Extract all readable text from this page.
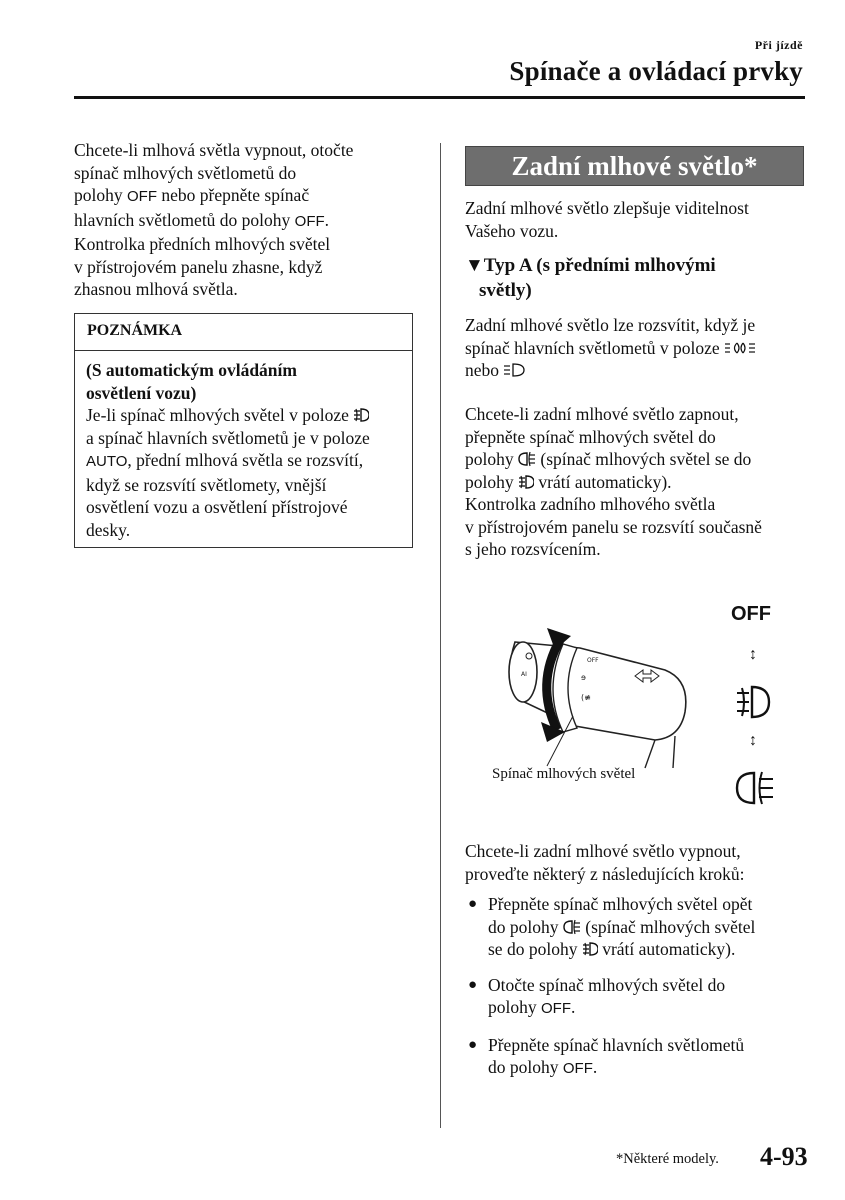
Při jízdě
Spínače a ovládací prvky
Chcete-li mlhová světla vypnout, otočte
spínač mlhových světlometů do
polohy OFF nebo přepněte spínač
hlavních světlometů do polohy OFF.
Kontrolka předních mlhových světel
v přístrojovém panelu zhasne, když
zhasnou mlhová světla.
POZNÁMKA
(S automatickým ovládáním
osvětlení vozu)
Je-li spínač mlhových světel v poloze
a spínač hlavních světlometů je v poloze
AUTO, přední mlhová světla se rozsvítí,
když se rozsvítí světlomety, vnější
osvětlení vozu a osvětlení přístrojové
desky.
Zadní mlhové světlo*
Zadní mlhové světlo zlepšuje viditelnost
Vašeho vozu.
▼Typ A (s předními mlhovými
světly)
Zadní mlhové světlo lze rozsvítit, když je
spínač hlavních světlometů v poloze
nebo
Chcete-li zadní mlhové světlo zapnout,
přepněte spínač mlhových světel do
polohy  (spínač mlhových světel se do
polohy  vrátí automaticky).
Kontrolka zadního mlhového světla
v přístrojovém panelu se rozsvítí současně
s jeho rozsvícením.
AI
OFF
ɘ
(≢
OFF
↕
↕
Spínač mlhových světel
Chcete-li zadní mlhové světlo vypnout,
proveďte některý z následujících kroků:
● Přepněte spínač mlhových světel opět
do polohy  (spínač mlhových světel
se do polohy  vrátí automaticky).
● Otočte spínač mlhových světel do
polohy OFF.
● Přepněte spínač hlavních světlometů
do polohy OFF.
*Některé modely. 4-93
